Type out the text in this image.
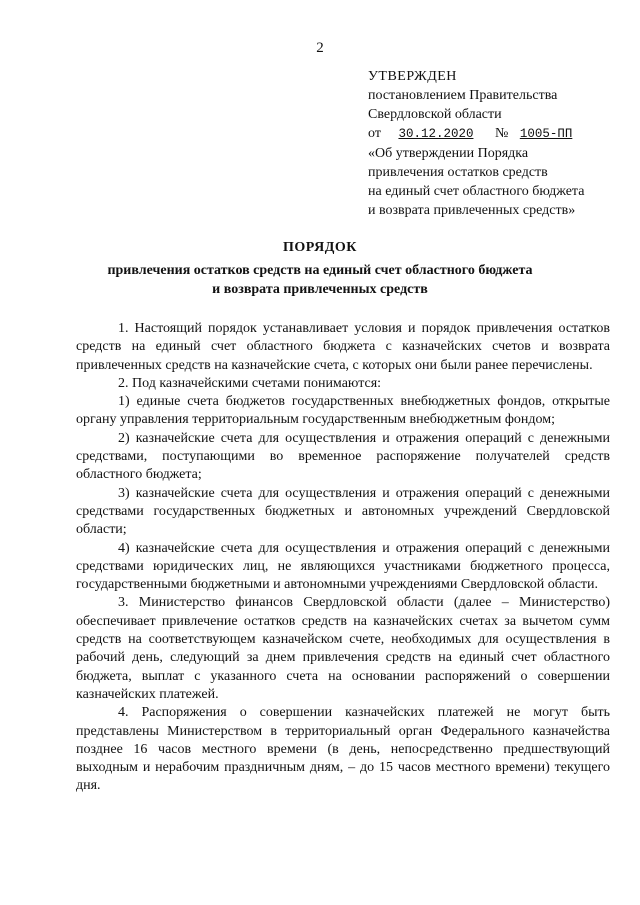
2
УТВЕРЖДЕН
постановлением Правительства
Свердловской области
от 30.12.2020 № 1005-ПП
«Об утверждении Порядка
привлечения остатков средств
на единый счет областного бюджета
и возврата привлеченных средств»
ПОРЯДОК
привлечения остатков средств на единый счет областного бюджета
и возврата привлеченных средств

1. Настоящий порядок устанавливает условия и порядок привлечения остатков средств на единый счет областного бюджета с казначейских счетов и возврата привлеченных средств на казначейские счета, с которых они были ранее перечислены.

2. Под казначейскими счетами понимаются:

1) единые счета бюджетов государственных внебюджетных фондов, открытые органу управления территориальным государственным внебюджетным фондом;

2) казначейские счета для осуществления и отражения операций с денежными средствами, поступающими во временное распоряжение получателей средств областного бюджета;

3) казначейские счета для осуществления и отражения операций с денежными средствами государственных бюджетных и автономных учреждений Свердловской области;

4) казначейские счета для осуществления и отражения операций с денежными средствами юридических лиц, не являющихся участниками бюджетного процесса, государственными бюджетными и автономными учреждениями Свердловской области.

3. Министерство финансов Свердловской области (далее – Министерство) обеспечивает привлечение остатков средств на казначейских счетах за вычетом сумм средств на соответствующем казначейском счете, необходимых для осуществления в рабочий день, следующий за днем привлечения средств на единый счет областного бюджета, выплат с указанного счета на основании распоряжений о совершении казначейских платежей.

4. Распоряжения о совершении казначейских платежей не могут быть представлены Министерством в территориальный орган Федерального казначейства позднее 16 часов местного времени (в день, непосредственно предшествующий выходным и нерабочим праздничным дням, – до 15 часов местного времени) текущего дня.
